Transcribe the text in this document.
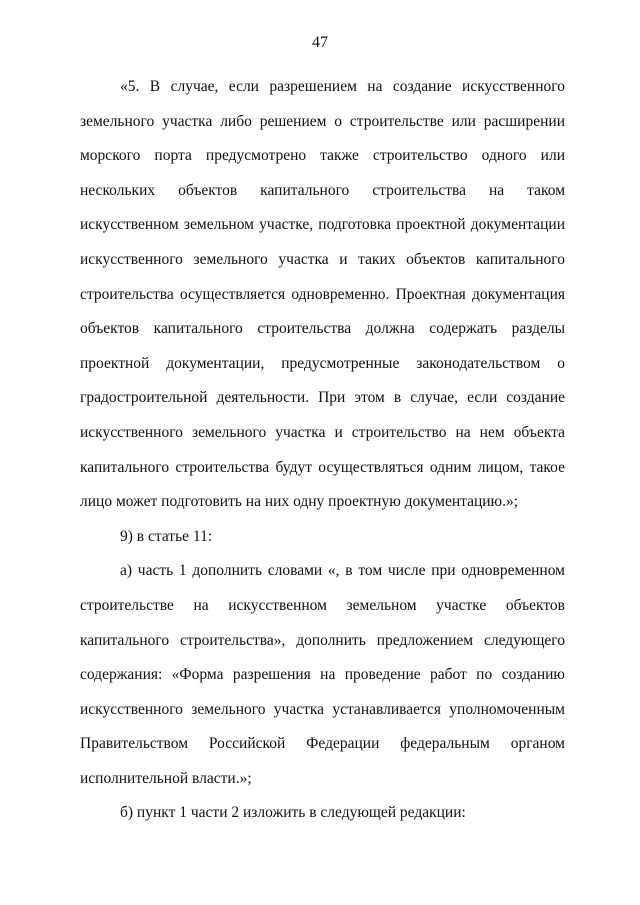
47

«5. В случае, если разрешением на создание искусственного земельного участка либо решением о строительстве или расширении морского порта предусмотрено также строительство одного или нескольких объектов капитального строительства на таком искусственном земельном участке, подготовка проектной документации искусственного земельного участка и таких объектов капитального строительства осуществляется одновременно. Проектная документация объектов капитального строительства должна содержать разделы проектной документации, предусмотренные законодательством о градостроительной деятельности. При этом в случае, если создание искусственного земельного участка и строительство на нем объекта капитального строительства будут осуществляться одним лицом, такое лицо может подготовить на них одну проектную документацию.»;

9) в статье 11:

а) часть 1 дополнить словами «, в том числе при одновременном строительстве на искусственном земельном участке объектов капитального строительства», дополнить предложением следующего содержания: «Форма разрешения на проведение работ по созданию искусственного земельного участка устанавливается уполномоченным Правительством Российской Федерации федеральным органом исполнительной власти.»;

б) пункт 1 части 2 изложить в следующей редакции:
